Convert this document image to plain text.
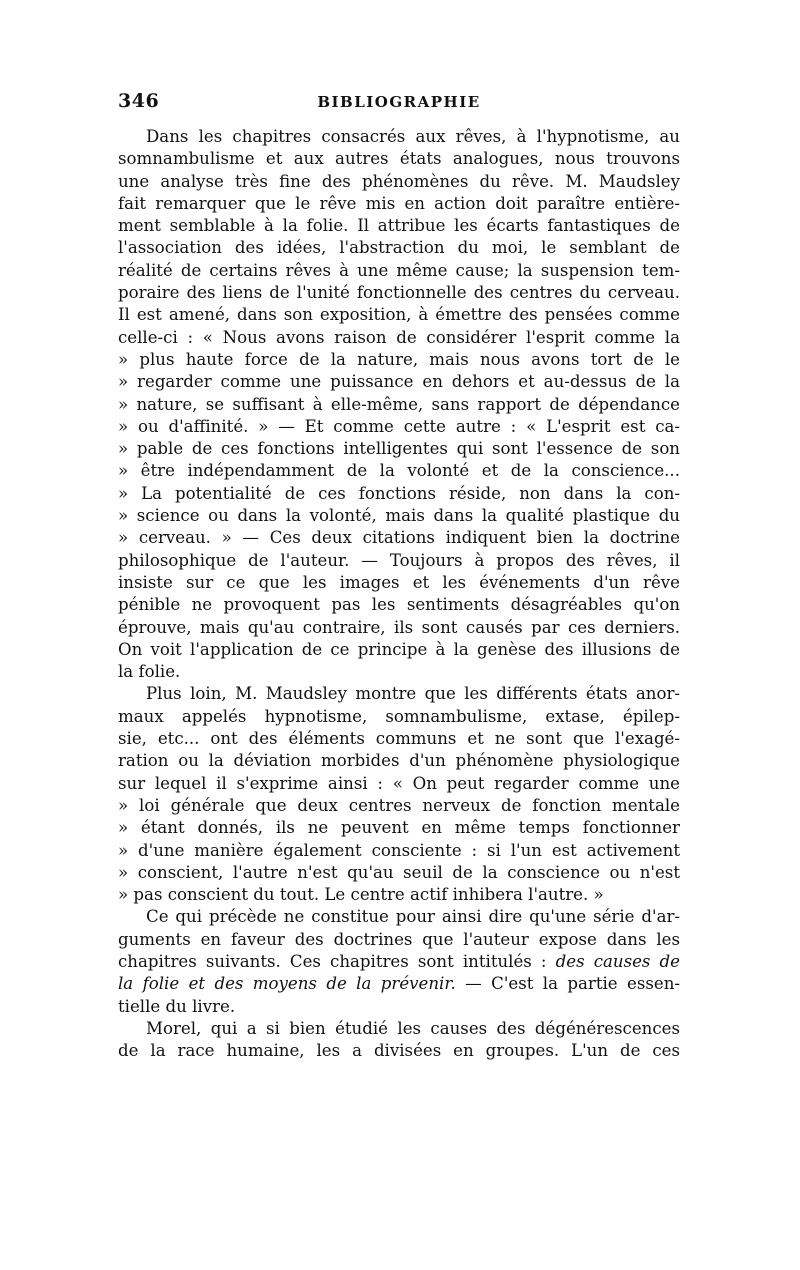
346	BIBLIOGRAPHIE
Dans les chapitres consacrés aux rêves, à l'hypnotisme, au
somnambulisme et aux autres états analogues, nous trouvons
une analyse très fine des phénomènes du rêve. M. Maudsley
fait remarquer que le rêve mis en action doit paraître entière-
ment semblable à la folie. Il attribue les écarts fantastiques de
l'association des idées, l'abstraction du moi, le semblant de
réalité de certains rêves à une même cause; la suspension tem-
poraire des liens de l'unité fonctionnelle des centres du cerveau.
Il est amené, dans son exposition, à émettre des pensées comme
celle-ci : « Nous avons raison de considérer l'esprit comme la
» plus haute force de la nature, mais nous avons tort de le
» regarder comme une puissance en dehors et au-dessus de la
» nature, se suffisant à elle-même, sans rapport de dépendance
» ou d'affinité. » — Et comme cette autre : « L'esprit est ca-
» pable de ces fonctions intelligentes qui sont l'essence de son
» être indépendamment de la volonté et de la conscience...
» La potentialité de ces fonctions réside, non dans la con-
» science ou dans la volonté, mais dans la qualité plastique du
» cerveau. » — Ces deux citations indiquent bien la doctrine
philosophique de l'auteur. — Toujours à propos des rêves, il
insiste sur ce que les images et les événements d'un rêve
pénible ne provoquent pas les sentiments désagréables qu'on
éprouve, mais qu'au contraire, ils sont causés par ces derniers.
On voit l'application de ce principe à la genèse des illusions de
la folie.
Plus loin, M. Maudsley montre que les différents états anor-
maux appelés hypnotisme, somnambulisme, extase, épilep-
sie, etc... ont des éléments communs et ne sont que l'exagé-
ration ou la déviation morbides d'un phénomène physiologique
sur lequel il s'exprime ainsi : « On peut regarder comme une
» loi générale que deux centres nerveux de fonction mentale
» étant donnés, ils ne peuvent en même temps fonctionner
» d'une manière également consciente : si l'un est activement
» conscient, l'autre n'est qu'au seuil de la conscience ou n'est
» pas conscient du tout. Le centre actif inhibera l'autre. »
Ce qui précède ne constitue pour ainsi dire qu'une série d'ar-
guments en faveur des doctrines que l'auteur expose dans les
chapitres suivants. Ces chapitres sont intitulés : des causes de
la folie et des moyens de la prévenir. — C'est la partie essen-
tielle du livre.
Morel, qui a si bien étudié les causes des dégénérescences
de la race humaine, les a divisées en groupes. L'un de ces
